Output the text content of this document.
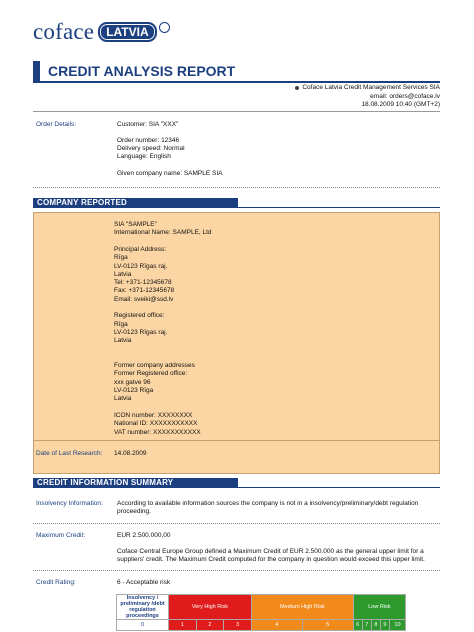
coface	LATVIA
CREDIT ANALYSIS REPORT
Coface Latvia Credit Management Services SIA
email: orders@coface.lv
18.08.2009 10:40 (GMT+2)
Order Details:	Customer: SIA "XXX"
Order number: 12346
Delivery speed: Normal
Language: English
Given company name: SAMPLE SIA
COMPANY REPORTED
SIA "SAMPLE"
International Name: SAMPLE, Ltd
Principal Address:
Rīga
LV-0123 Rīgas raj.
Latvia
Tel: +371-12345678
Fax: +371-12345678
Email: sveiki@ssd.lv
Registered office:
Rīga
LV-0123 Rīgas raj.
Latvia
Former company addresses
Former Registered office:
xxx gatve 96
LV-0123 Rīga
Latvia
ICON number: XXXXXXXX
National ID: XXXXXXXXXXX
VAT number: XXXXXXXXXXX
Date of Last Research: 14.08.2009
CREDIT INFORMATION SUMMARY
Insolvency Information: According to available information sources the company is not in a insolvency/preliminary/debt regulation
proceeding.
Maximum Credit:	EUR 2.500.000,00
Coface Central Europe Group defined a Maximum Credit of EUR 2.500.000 as the general upper limit for a
suppliers' credit. The Maximum Credit computed for the company in question would exceed this upper limit.
Credit Rating:	6 - Acceptable risk
Insolvency / preliminary /debt regulation proceedings	Very High Risk			Medium High Risk		Low Risk				
0	1	2	3	4	5	6	7	8	9	10
